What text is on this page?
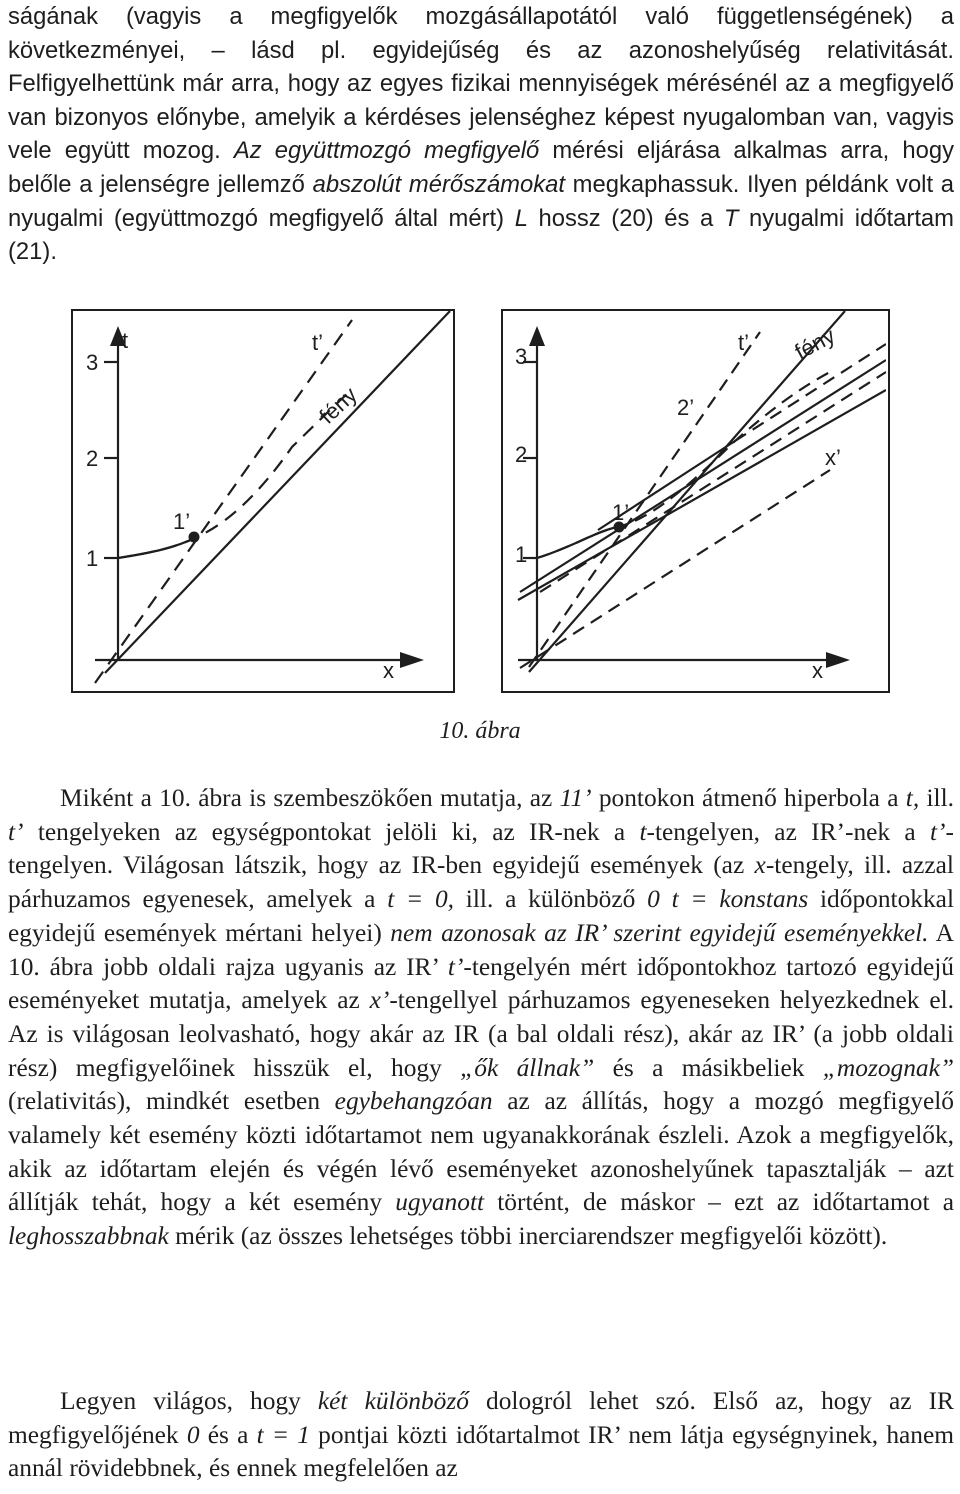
ságának (vagyis a megfigyelők mozgásállapotától való függetlenségének) a következményei, – lásd pl. egyidejűség és az azonoshelyűség relativitását. Felfigyelhettünk már arra, hogy az egyes fizikai mennyiségek mérésénél az a megfigyelő van bizonyos előnybe, amelyik a kérdéses jelenséghez képest nyugalomban van, vagyis vele együtt mozog. Az együttmozgó megfigyelő mérési eljárása alkalmas arra, hogy belőle a jelenségre jellemző abszolút mérőszámokat megkaphassuk. Ilyen példánk volt a nyugalmi (együttmozgó megfigyelő által mért) L hossz (20) és a T nyugalmi időtartam (21).

t	t’
x
fény
1’
3
2
1
t’ fény
2’
x’
1’
x
3
2
1
10. ábra

Miként a 10. ábra is szembeszökően mutatja, az 11’ pontokon átmenő hiperbola a t, ill. t’ tengelyeken az egységpontokat jelöli ki, az IR-nek a t-tengelyen, az IR’-nek a t’-tengelyen. Világosan látszik, hogy az IR-ben egyidejű események (az x-tengely, ill. azzal párhuzamos egyenesek, amelyek a t = 0, ill. a különböző 0 t = konstans időpontokkal egyidejű események mértani helyei) nem azonosak az IR’ szerint egyidejű eseményekkel. A 10. ábra jobb oldali rajza ugyanis az IR’ t’-tengelyén mért időpontokhoz tartozó egyidejű eseményeket mutatja, amelyek az x’-tengellyel párhuzamos egyeneseken helyezkednek el. Az is világosan leolvasható, hogy akár az IR (a bal oldali rész), akár az IR’ (a jobb oldali rész) megfigyelőinek hisszük el, hogy „ők állnak” és a másikbeliek „mozognak” (relativitás), mindkét esetben egybehangzóan az az állítás, hogy a mozgó megfigyelő valamely két esemény közti időtartamot nem ugyanakkorának észleli. Azok a megfigyelők, akik az időtartam elején és végén lévő eseményeket azonoshelyűnek tapasztalják – azt állítják tehát, hogy a két esemény ugyanott történt, de máskor – ezt az időtartamot a leghosszabbnak mérik (az összes lehetséges többi inerciarendszer megfigyelői között).

Legyen világos, hogy két különböző dologról lehet szó. Első az, hogy az IR megfigyelőjének 0 és a t = 1 pontjai közti időtartalmot IR’ nem látja egységnyinek, hanem annál rövidebbnek, és ennek megfelelően az
